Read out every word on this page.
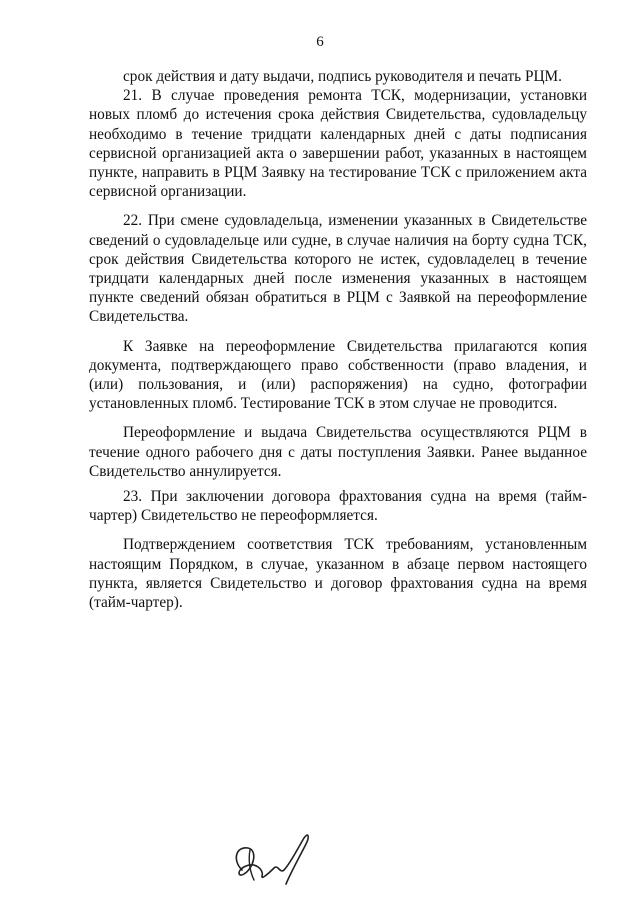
6

срок действия и дату выдачи, подпись руководителя и печать РЦМ.

21. В случае проведения ремонта ТСК, модернизации, установки новых пломб до истечения срока действия Свидетельства, судовладельцу необходимо в течение тридцати календарных дней с даты подписания сервисной организацией акта о завершении работ, указанных в настоящем пункте, направить в РЦМ Заявку на тестирование ТСК с приложением акта сервисной организации.

22. При смене судовладельца, изменении указанных в Свидетельстве сведений о судовладельце или судне, в случае наличия на борту судна ТСК, срок действия Свидетельства которого не истек, судовладелец в течение тридцати календарных дней после изменения указанных в настоящем пункте сведений обязан обратиться в РЦМ с Заявкой на переоформление Свидетельства.

К Заявке на переоформление Свидетельства прилагаются копия документа, подтверждающего право собственности (право владения, и (или) пользования, и (или) распоряжения) на судно, фотографии установленных пломб. Тестирование ТСК в этом случае не проводится.

Переоформление и выдача Свидетельства осуществляются РЦМ в течение одного рабочего дня с даты поступления Заявки. Ранее выданное Свидетельство аннулируется.

23. При заключении договора фрахтования судна на время (тайм-чартер) Свидетельство не переоформляется.

Подтверждением соответствия ТСК требованиям, установленным настоящим Порядком, в случае, указанном в абзаце первом настоящего пункта, является Свидетельство и договор фрахтования судна на время (тайм-чартер).
